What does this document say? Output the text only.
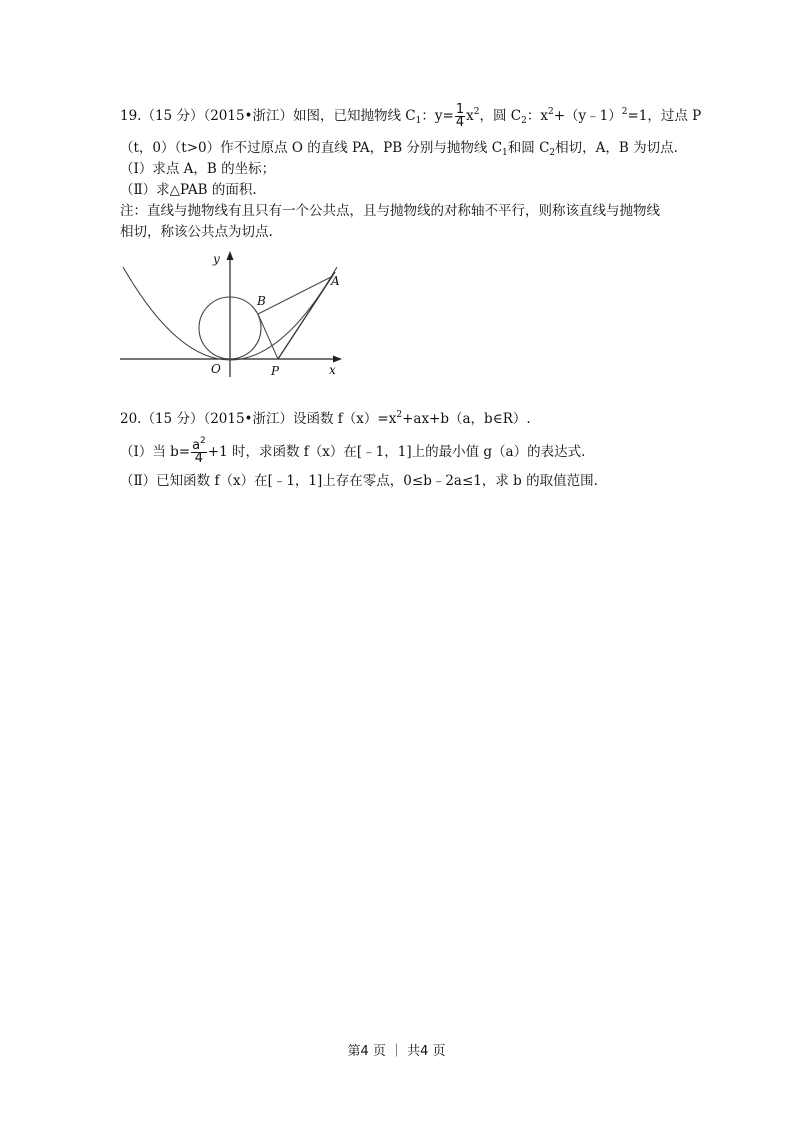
19.（15 分）（2015•浙江）如图，已知抛物线 $C_1$：$y= \frac{1}{4} x^2$，圆 $C_2$：$x^2+(y﹣1)^2=1$，过点 P
（t，0）（t>0）作不过原点 O 的直线 PA，PB 分别与抛物线 $C_1$和圆 $C_2$相切，A，B 为切点.
（Ⅰ）求点 A，B 的坐标；
（Ⅱ）求△PAB 的面积.
注：直线与抛物线有且只有一个公共点，且与抛物线的对称轴不平行，则称该直线与抛物线
相切，称该公共点为切点.
y
x
O	P
A
B
20.（15 分）（2015•浙江）设函数 $f(x)=x^2+ax+b(a$，b∈R）.
（Ⅰ）当 $b= \frac{a^2}{4} +1$ 时，求函数 f（x）在[﹣1，1]上的最小值 g（a）的表达式.
（Ⅱ）已知函数 f（x）在[﹣1，1]上存在零点，0≤b﹣2a≤1，求 b 的取值范围.
第4 页 ｜ 共4 页
